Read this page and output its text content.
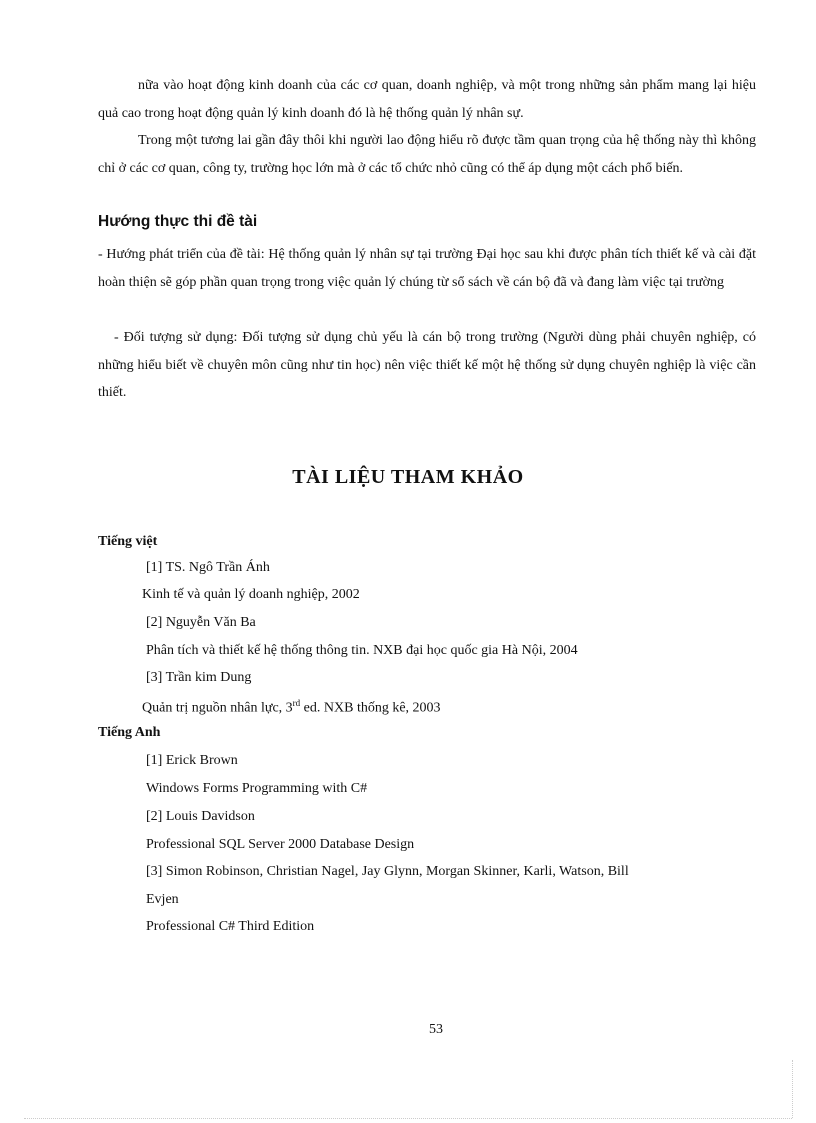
nữa vào hoạt động kinh doanh của các cơ quan, doanh nghiệp, và một trong những sản phẩm mang lại hiệu quả cao trong hoạt động quản lý kinh doanh đó là hệ thống quản lý nhân sự.

Trong một tương lai gần đây thôi khi người lao động hiểu rõ được tầm quan trọng của hệ thống này thì không chỉ ở các cơ quan, công ty, trường học lớn mà ở các tổ chức nhỏ cũng có thể áp dụng một cách phổ biến.

Hướng thực thi đề tài

- Hướng phát triển của đề tài: Hệ thống quản lý nhân sự tại trường Đại học sau khi được phân tích thiết kế và cài đặt hoàn thiện sẽ góp phần quan trọng trong việc quản lý chúng từ sổ sách về cán bộ đã và đang làm việc tại trường

- Đối tượng sử dụng: Đối tượng sử dụng chủ yếu là cán bộ trong trường (Người dùng phải chuyên nghiệp, có những hiểu biết về chuyên môn cũng như tin học) nên việc thiết kế một hệ thống sử dụng chuyên nghiệp là việc cần thiết.

TÀI LIỆU THAM KHẢO
Tiếng việt
[1] TS. Ngô Trần Ánh
Kinh tế và quản lý doanh nghiệp, 2002
[2] Nguyễn Văn Ba
Phân tích và thiết kế hệ thống thông tin. NXB đại học quốc gia Hà Nội, 2004
[3] Trần kim Dung
Quản trị nguồn nhân lực, 3rd ed. NXB thống kê, 2003
Tiếng Anh
[1] Erick Brown
Windows Forms Programming with C#
[2] Louis Davidson
Professional SQL Server 2000 Database Design
[3] Simon Robinson, Christian Nagel, Jay Glynn, Morgan Skinner, Karli, Watson, Bill
Evjen
Professional C# Third Edition
53
